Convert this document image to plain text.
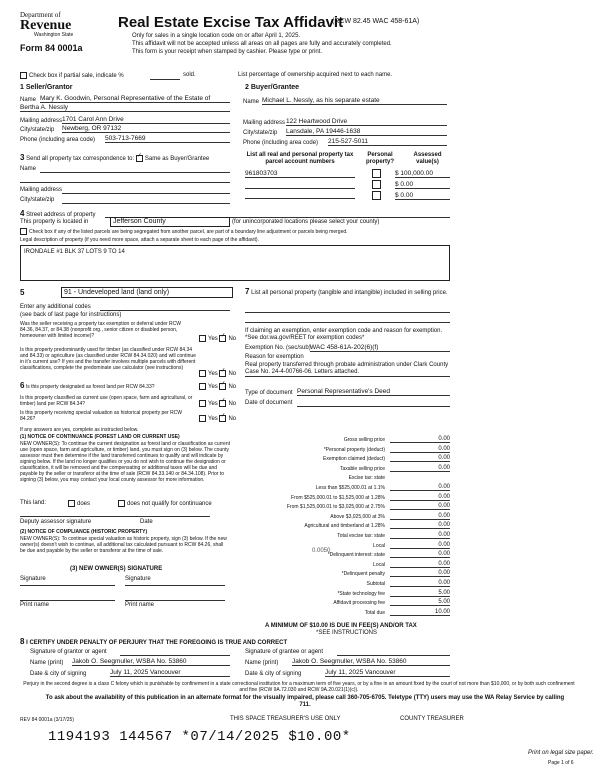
Department of
Revenue
Washington State
Form 84 0001a
Real Estate Excise Tax Affidavit
(RCW 82.45 WAC 458-61A)
Only for sales in a single location code on or after April 1, 2025.
This affidavit will not be accepted unless all areas on all pages are fully and accurately completed.
This form is your receipt when stamped by cashier. Please type or print.
Check box if partial sale, indicate %	sold.	List percentage of ownership acquired next to each name.
1 Seller/Grantor
Name Mary K. Goodwin, Personal Representative of the Estate of
Bertha A. Nessly
Mailing address 1701 Carol Ann Drive
City/state/zip Newberg, OR 97132
Phone (including area code) 503-713-7669
2 Buyer/Grantee
Name Michael L. Nessly, as his separate estate
Mailing address 122 Heartwood Drive
City/state/zip Lansdale, PA 19446-1638
Phone (including area code) 215-527-5011
3 Send all property tax correspondence to: ✓ Same as Buyer/Grantee
Name
Mailing address
City/state/zip
List all real and personal property tax parcel account numbers
Personal property?
Assessed value(s)
961803703	$ 100,000.00
$ 0.00
$ 0.00
4 Street address of property
This property is located in	Jefferson County	(for unincorporated locations please select your county)
Check box if any of the listed parcels are being segregated from another parcel, are part of a boundary line adjustment or parcels being merged.
Legal description of property (if you need more space, attach a separate sheet to each page of the affidavit).
IRONDALE #1 BLK 37 LOTS 9 TO 14
5	91 - Undeveloped land (land only)
Enter any additional codes
(see back of last page for instructions)
Was the seller receiving a property tax exemption or deferral under RCW 84.36, 84.37, or 84.38 (nonprofit org., senior citizen or disabled person, homeowner with limited income)?
Yes ✓ No
Is this property predominantly used for timber (as classified under RCW 84.34 and 84.33) or agriculture (as classified under RCW 84.34.020) and will continue in it's current use? If yes and the transfer involves multiple parcels with different classifications, complete the predominate use calculator (see instructions)
Yes ✓ No
6 Is this property designated as forest land per RCW 84.33?	Yes ✓ No
Is this property classified as current use (open space, farm and agricultural, or timber) land per RCW 84.34?	Yes ✓ No
Is this property receiving special valuation as historical property per RCW 84.26?	Yes ✓ No
If any answers are yes, complete as instructed below.
(1) NOTICE OF CONTINUANCE (FOREST LAND OR CURRENT USE)
NEW OWNER(S): To continue the current designation as forest land or classification as current use (open space, farm and agriculture, or timber) land, you must sign on (3) below. The county assessor must then determine if the land transferred continues to qualify and will indicate by signing below. If the land no longer qualifies or you do not wish to continue the designation or classification, it will be removed and the compensating or additional taxes will be due and payable by the seller or transferor at the time of sale (RCW 84.33.140 or 84.34.108). Prior to signing (3) below, you may contact your local county assessor for more information.
This land:	does	does not qualify for continuance
Deputy assessor signature	Date
(2) NOTICE OF COMPLIANCE (HISTORIC PROPERTY)
NEW OWNER(S): To continue special valuation as historic property, sign (3) below. If the new owner(s) doesn't wish to continue, all additional tax calculated pursuant to RCW 84.26, shall be due and payable by the seller or transferor at the time of sale.
(3) NEW OWNER(S) SIGNATURE
Signature	Signature
Print name	Print name
7 List all personal property (tangible and intangible) included in selling price.
If claiming an exemption, enter exemption code and reason for exemption. *See dor.wa.gov/REET for exemption codes*
Exemption No. (sec/sub) WAC 458-61A-202(6)(f)
Reason for exemption
Real property transferred through probate administration under Clark County Case No. 24-4-00766-06. Letters attached.
Type of document Personal Representative's Deed
Date of document
Gross selling price	0.00
*Personal property (deduct)	0.00
Exemption claimed (deduct)	0.00
Taxable selling price	0.00
Excise tax: state
Less than $525,000.01 at 1.1%	0.00
From $525,000.01 to $1,525,000 at 1.28%	0.00
From $1,525,000.01 to $3,025,000 at 2.75%	0.00
Above $3,025,000 at 3%	0.00
Agricultural and timberland at 1.28%	0.00
Total excise tax: state	0.00
Local	0.00
*Delinquent interest: state	0.00
Local	0.00
*Delinquent penalty	0.00
Subtotal	0.00
*State technology fee	5.00
Affidavit processing fee	5.00
Total due	10.00
0.0050
A MINIMUM OF $10.00 IS DUE IN FEE(S) AND/OR TAX
*SEE INSTRUCTIONS
8 I CERTIFY UNDER PENALTY OF PERJURY THAT THE FOREGOING IS TRUE AND CORRECT
Signature of grantor or agent	Signature of grantee or agent
Name (print) Jakob O. Seegmuller, WSBA No. 53860	Name (print) Jakob O. Seegmuller, WSBA No. 53860
Date & city of signing	July 11, 2025 Vancouver	Date & city of signing	July 11, 2025 Vancouver
Perjury in the second degree is a class C felony which is punishable by confinement in a state correctional institution for a maximum term of five years, or by a fine in an amount fixed by the court of not more than $10,000, or by both such confinement and fine (RCW 9A.72.030 and RCW 9A.20.021(1)(c)).
To ask about the availability of this publication in an alternate format for the visually impaired, please call 360-705-6705. Teletype (TTY) users may use the WA Relay Service by calling 711.
REV 84 0001a (3/17/25)	THIS SPACE TREASURER'S USE ONLY	COUNTY TREASURER
1194193 144567 *07/14/2025 $10.00*
Print on legal size paper.
Page 1 of 6
